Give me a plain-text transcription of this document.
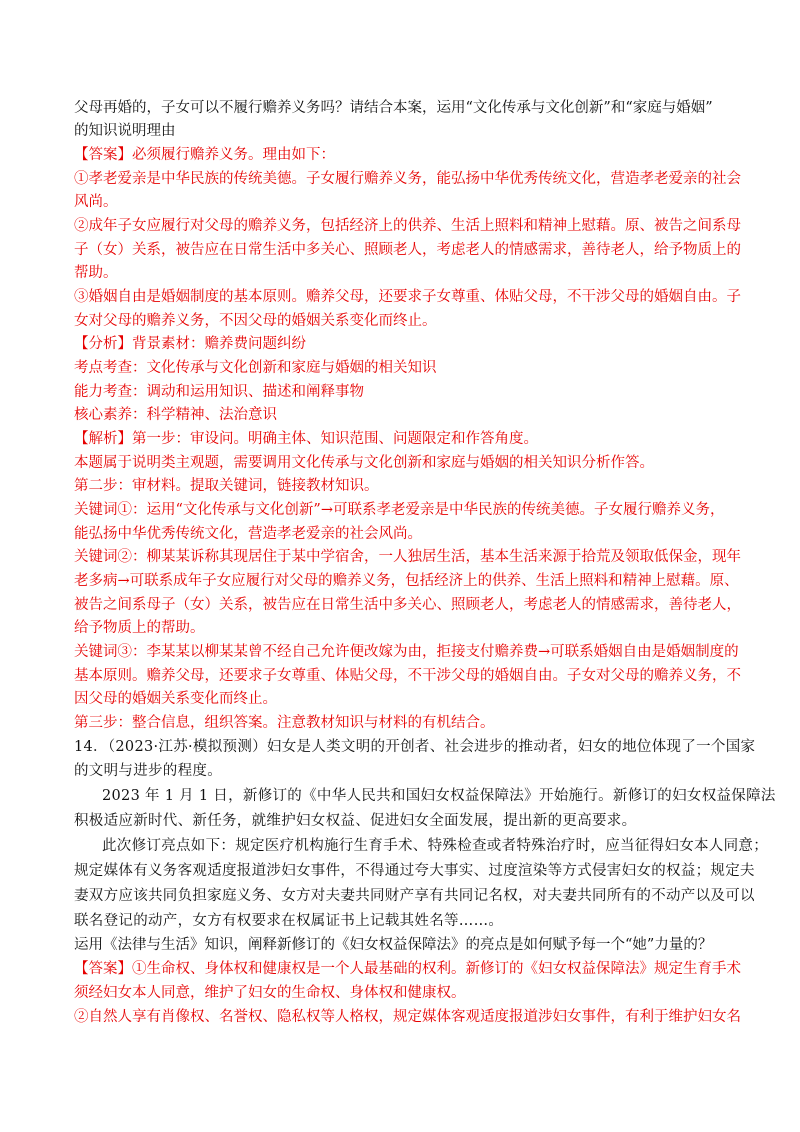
父母再婚的，子女可以不履行赡养义务吗？请结合本案，运用“文化传承与文化创新”和“家庭与婚姻”
的知识说明理由
【答案】必须履行赡养义务。理由如下：
①孝老爱亲是中华民族的传统美德。子女履行赡养义务，能弘扬中华优秀传统文化，营造孝老爱亲的社会
风尚。
②成年子女应履行对父母的赡养义务，包括经济上的供养、生活上照料和精神上慰藉。原、被告之间系母
子（女）关系，被告应在日常生活中多关心、照顾老人，考虑老人的情感需求，善待老人，给予物质上的
帮助。
③婚姻自由是婚姻制度的基本原则。赡养父母，还要求子女尊重、体贴父母，不干涉父母的婚姻自由。子
女对父母的赡养义务，不因父母的婚姻关系变化而终止。
【分析】背景素材：赡养费问题纠纷
考点考查：文化传承与文化创新和家庭与婚姻的相关知识
能力考查：调动和运用知识、描述和阐释事物
核心素养：科学精神、法治意识
【解析】第一步：审设问。明确主体、知识范围、问题限定和作答角度。
本题属于说明类主观题，需要调用文化传承与文化创新和家庭与婚姻的相关知识分析作答。
第二步：审材料。提取关键词，链接教材知识。
关键词①：运用“文化传承与文化创新”→可联系孝老爱亲是中华民族的传统美德。子女履行赡养义务，
能弘扬中华优秀传统文化，营造孝老爱亲的社会风尚。
关键词②：柳某某诉称其现居住于某中学宿舍，一人独居生活，基本生活来源于拾荒及领取低保金，现年
老多病→可联系成年子女应履行对父母的赡养义务，包括经济上的供养、生活上照料和精神上慰藉。原、
被告之间系母子（女）关系，被告应在日常生活中多关心、照顾老人，考虑老人的情感需求，善待老人，
给予物质上的帮助。
关键词③：李某某以柳某某曾不经自己允许便改嫁为由，拒接支付赡养费→可联系婚姻自由是婚姻制度的
基本原则。赡养父母，还要求子女尊重、体贴父母，不干涉父母的婚姻自由。子女对父母的赡养义务，不
因父母的婚姻关系变化而终止。
第三步：整合信息，组织答案。注意教材知识与材料的有机结合。
14．（2023·江苏·模拟预测）妇女是人类文明的开创者、社会进步的推动者，妇女的地位体现了一个国家
的文明与进步的程度。
2023 年 1 月 1 日，新修订的《中华人民共和国妇女权益保障法》开始施行。新修订的妇女权益保障法
积极适应新时代、新任务，就维护妇女权益、促进妇女全面发展，提出新的更高要求。
此次修订亮点如下：规定医疗机构施行生育手术、特殊检查或者特殊治疗时，应当征得妇女本人同意；
规定媒体有义务客观适度报道涉妇女事件，不得通过夸大事实、过度渲染等方式侵害妇女的权益；规定夫
妻双方应该共同负担家庭义务、女方对夫妻共同财产享有共同记名权，对夫妻共同所有的不动产以及可以
联名登记的动产，女方有权要求在权属证书上记载其姓名等……。
运用《法律与生活》知识，阐释新修订的《妇女权益保障法》的亮点是如何赋予每一个“她”力量的？
【答案】①生命权、身体权和健康权是一个人最基础的权利。新修订的《妇女权益保障法》规定生育手术
须经妇女本人同意，维护了妇女的生命权、身体权和健康权。
②自然人享有肖像权、名誉权、隐私权等人格权，规定媒体客观适度报道涉妇女事件，有利于维护妇女名
